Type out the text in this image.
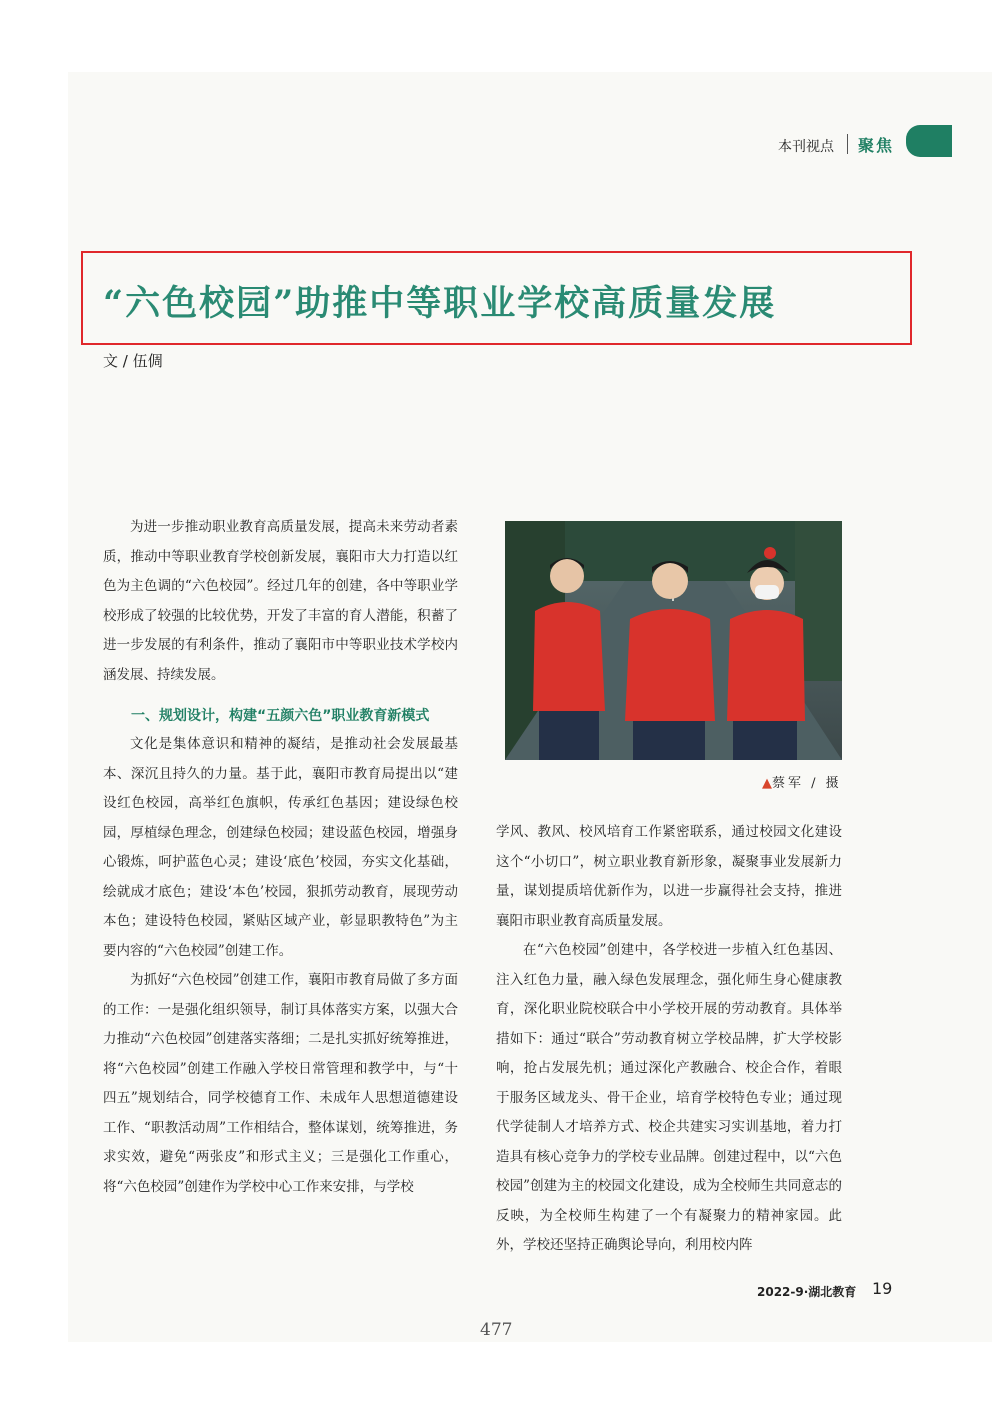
本刊视点 聚焦
“六色校园”助推中等职业学校高质量发展
文 / 伍倜

为进一步推动职业教育高质量发展，提高未来劳动者素质，推动中等职业教育学校创新发展，襄阳市大力打造以红色为主色调的“六色校园”。经过几年的创建，各中等职业学校形成了较强的比较优势，开发了丰富的育人潜能，积蓄了进一步发展的有利条件，推动了襄阳市中等职业技术学校内涵发展、持续发展。

一、规划设计，构建“五颜六色”职业教育新模式

文化是集体意识和精神的凝结，是推动社会发展最基本、深沉且持久的力量。基于此，襄阳市教育局提出以“建设红色校园，高举红色旗帜，传承红色基因；建设绿色校园，厚植绿色理念，创建绿色校园；建设蓝色校园，增强身心锻炼，呵护蓝色心灵；建设‘底色’校园，夯实文化基础，绘就成才底色；建设‘本色’校园，狠抓劳动教育，展现劳动本色；建设特色校园，紧贴区域产业，彰显职教特色”为主要内容的“六色校园”创建工作。

为抓好“六色校园”创建工作，襄阳市教育局做了多方面的工作：一是强化组织领导，制订具体落实方案，以强大合力推动“六色校园”创建落实落细；二是扎实抓好统筹推进，将“六色校园”创建工作融入学校日常管理和教学中，与“十四五”规划结合，同学校德育工作、未成年人思想道德建设工作、“职教活动周”工作相结合，整体谋划，统筹推进，务求实效，避免“两张皮”和形式主义；三是强化工作重心，将“六色校园”创建作为学校中心工作来安排，与学校

▲蔡军 / 摄

学风、教风、校风培育工作紧密联系，通过校园文化建设这个“小切口”，树立职业教育新形象，凝聚事业发展新力量，谋划提质培优新作为，以进一步赢得社会支持，推进襄阳市职业教育高质量发展。

在“六色校园”创建中，各学校进一步植入红色基因、注入红色力量，融入绿色发展理念，强化师生身心健康教育，深化职业院校联合中小学校开展的劳动教育。具体举措如下：通过“联合”劳动教育树立学校品牌，扩大学校影响，抢占发展先机；通过深化产教融合、校企合作，着眼于服务区域龙头、骨干企业，培育学校特色专业；通过现代学徒制人才培养方式、校企共建实习实训基地，着力打造具有核心竞争力的学校专业品牌。创建过程中，以“六色校园”创建为主的校园文化建设，成为全校师生共同意志的反映，为全校师生构建了一个有凝聚力的精神家园。此外，学校还坚持正确舆论导向，利用校内阵

2022-9·湖北教育 19
477
